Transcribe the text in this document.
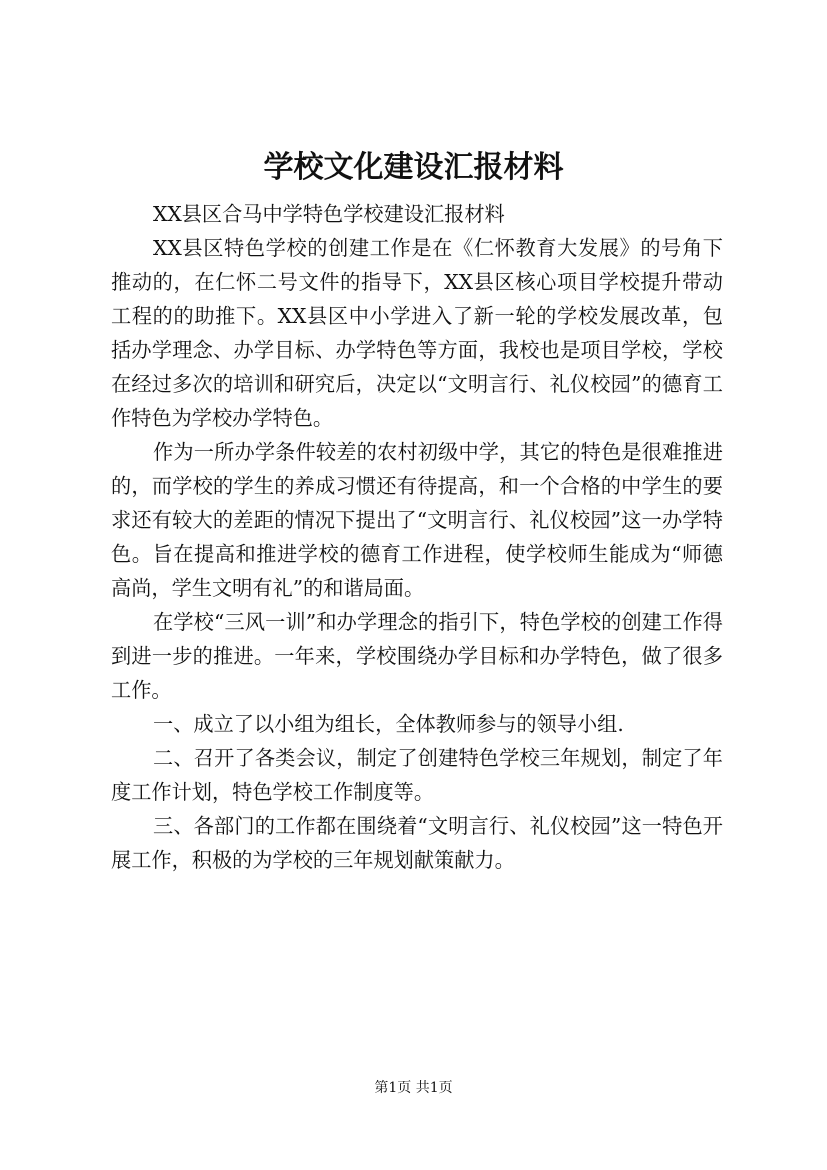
学校文化建设汇报材料

XX县区合马中学特色学校建设汇报材料

XX县区特色学校的创建工作是在《仁怀教育大发展》的号角下推动的，在仁怀二号文件的指导下，XX县区核心项目学校提升带动工程的的助推下。XX县区中小学进入了新一轮的学校发展改革，包括办学理念、办学目标、办学特色等方面，我校也是项目学校，学校在经过多次的培训和研究后，决定以“文明言行、礼仪校园”的德育工作特色为学校办学特色。

作为一所办学条件较差的农村初级中学，其它的特色是很难推进的，而学校的学生的养成习惯还有待提高，和一个合格的中学生的要求还有较大的差距的情况下提出了“文明言行、礼仪校园”这一办学特色。旨在提高和推进学校的德育工作进程，使学校师生能成为“师德高尚，学生文明有礼”的和谐局面。

在学校“三风一训”和办学理念的指引下，特色学校的创建工作得到进一步的推进。一年来，学校围绕办学目标和办学特色，做了很多工作。

一、成立了以小组为组长，全体教师参与的领导小组.

二、召开了各类会议，制定了创建特色学校三年规划，制定了年度工作计划，特色学校工作制度等。

三、各部门的工作都在围绕着“文明言行、礼仪校园”这一特色开展工作，积极的为学校的三年规划献策献力。

第1页 共1页
